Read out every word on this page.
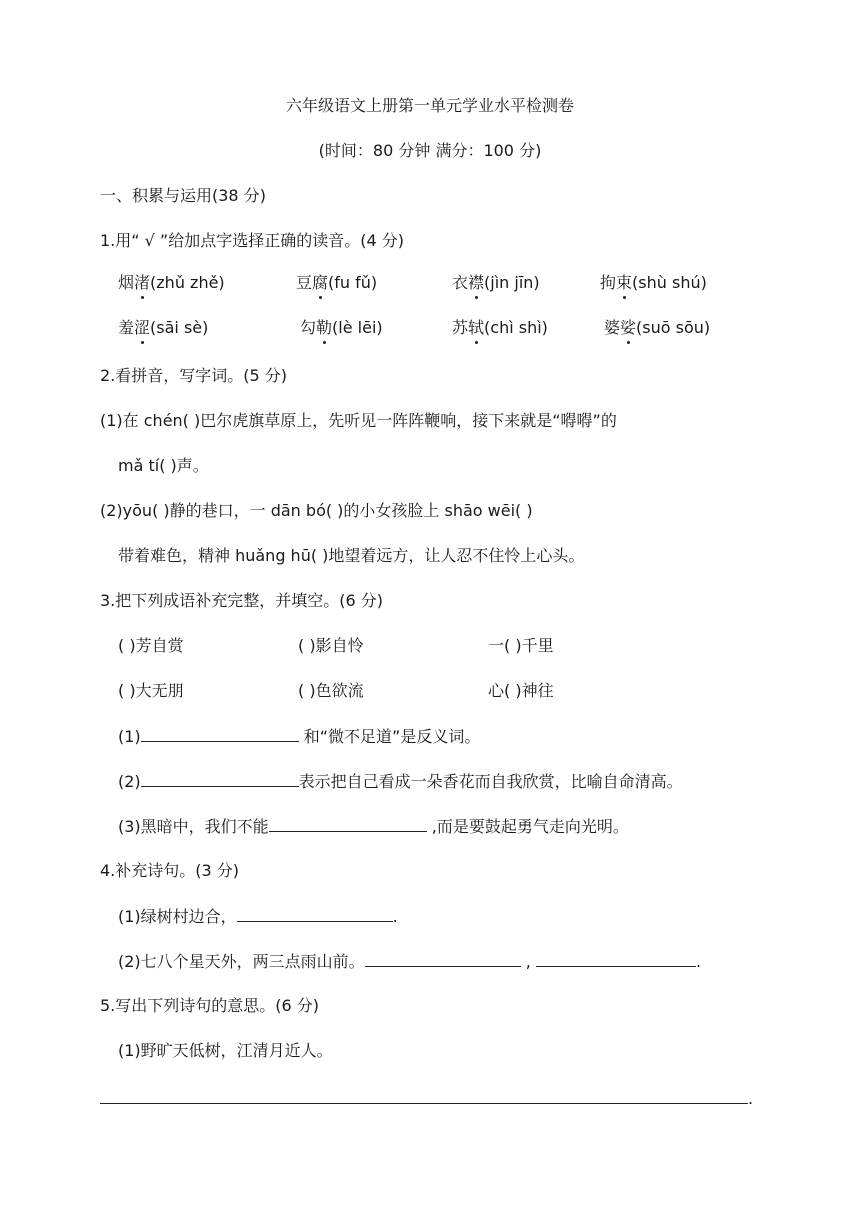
六年级语文上册第一单元学业水平检测卷
(时间：80 分钟 满分：100 分)
一、积累与运用(38 分)
1.用“ √ ”给加点字选择正确的读音。(4 分)
烟渚(zhǔ zhě)	豆腐(fu fǔ)	衣襟(jìn jīn)	拘束(shù shú)
羞涩(sāi sè)	勾勒(lè lēi)	苏轼(chì shì)	婆娑(suō sōu)
2.看拼音，写字词。(5 分)
(1)在 chén( )巴尔虎旗草原上，先听见一阵阵鞭响，接下来就是“嘚嘚”的
mǎ tí( )声。
(2)yōu( )静的巷口，一 dān bó( )的小女孩脸上 shāo wēi( )
带着难色，精神 huǎng hū( )地望着远方，让人忍不住怜上心头。
3.把下列成语补充完整，并填空。(6 分)
( )芳自赏	( )影自怜	一( )千里
( )大无朋	( )色欲流	心( )神往
(1)	和“微不足道”是反义词。
(2)	表示把自己看成一朵香花而自我欣赏，比喻自命清高。
(3)黑暗中，我们不能	,而是要鼓起勇气走向光明。
4.补充诗句。(3 分)
(1)绿树村边合，	.
(2)七八个星天外，两三点雨山前。	,	.
5.写出下列诗句的意思。(6 分)
(1)野旷天低树，江清月近人。
.
